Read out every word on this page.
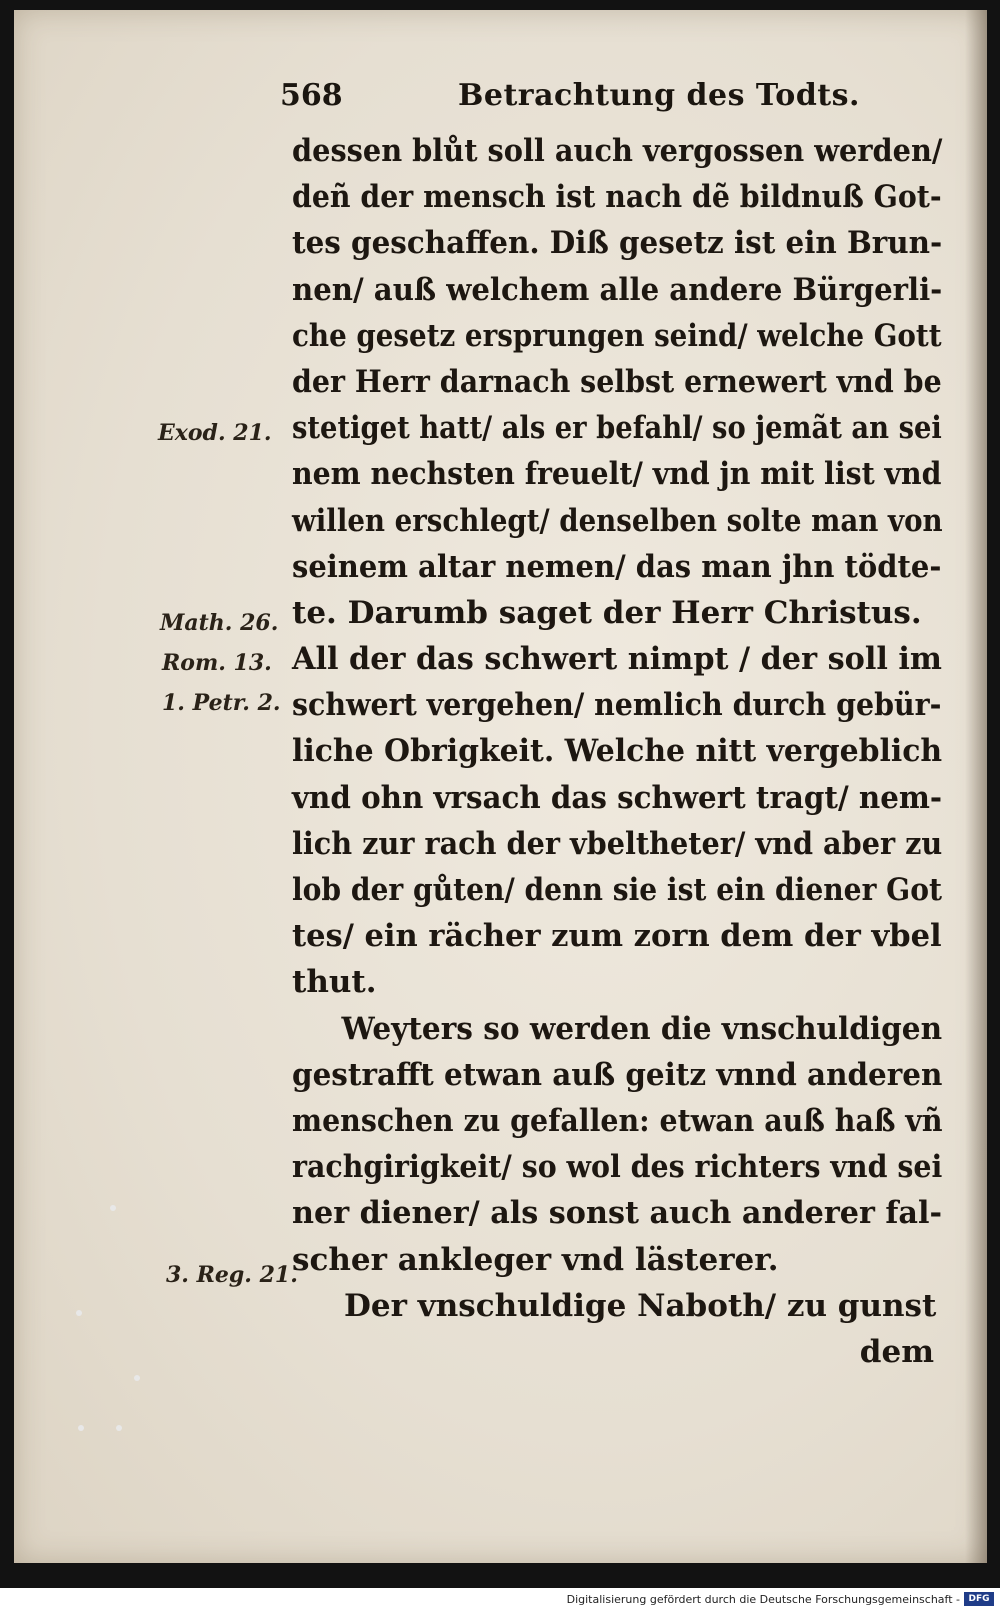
568	Betrachtung des Todts.
dessen blůt soll auch vergossen werden/
deñ der mensch ist nach dẽ bildnuß Got-
tes geschaffen. Diß gesetz ist ein Brun-
nen/ auß welchem alle andere Bürgerli-
che gesetz ersprungen seind/ welche Gott
der Herr darnach selbst ernewert vnd be
stetiget hatt/ als er befahl/ so jemãt an sei
nem nechsten freuelt/ vnd jn mit list vnd
willen erschlegt/ denselben solte man von
seinem altar nemen/ das man jhn tödte-
te. Darumb saget der Herr Christus.
All der das schwert nimpt / der soll im
schwert vergehen/ nemlich durch gebür-
liche Obrigkeit. Welche nitt vergeblich
vnd ohn vrsach das schwert tragt/ nem-
lich zur rach der vbeltheter/ vnd aber zu
lob der gůten/ denn sie ist ein diener Got
tes/ ein rächer zum zorn dem der vbel
thut.
Weyters so werden die vnschuldigen
gestrafft etwan auß geitz vnnd anderen
menschen zu gefallen: etwan auß haß vñ
rachgirigkeit/ so wol des richters vnd sei
ner diener/ als sonst auch anderer fal-
scher ankleger vnd lästerer.
Der vnschuldige Naboth/ zu gunst
dem
Exod. 21.
Math. 26.
Rom. 13.
1. Petr. 2.
3. Reg. 21.
Digitalisierung gefördert durch die Deutsche Forschungsgemeinschaft - DFG
